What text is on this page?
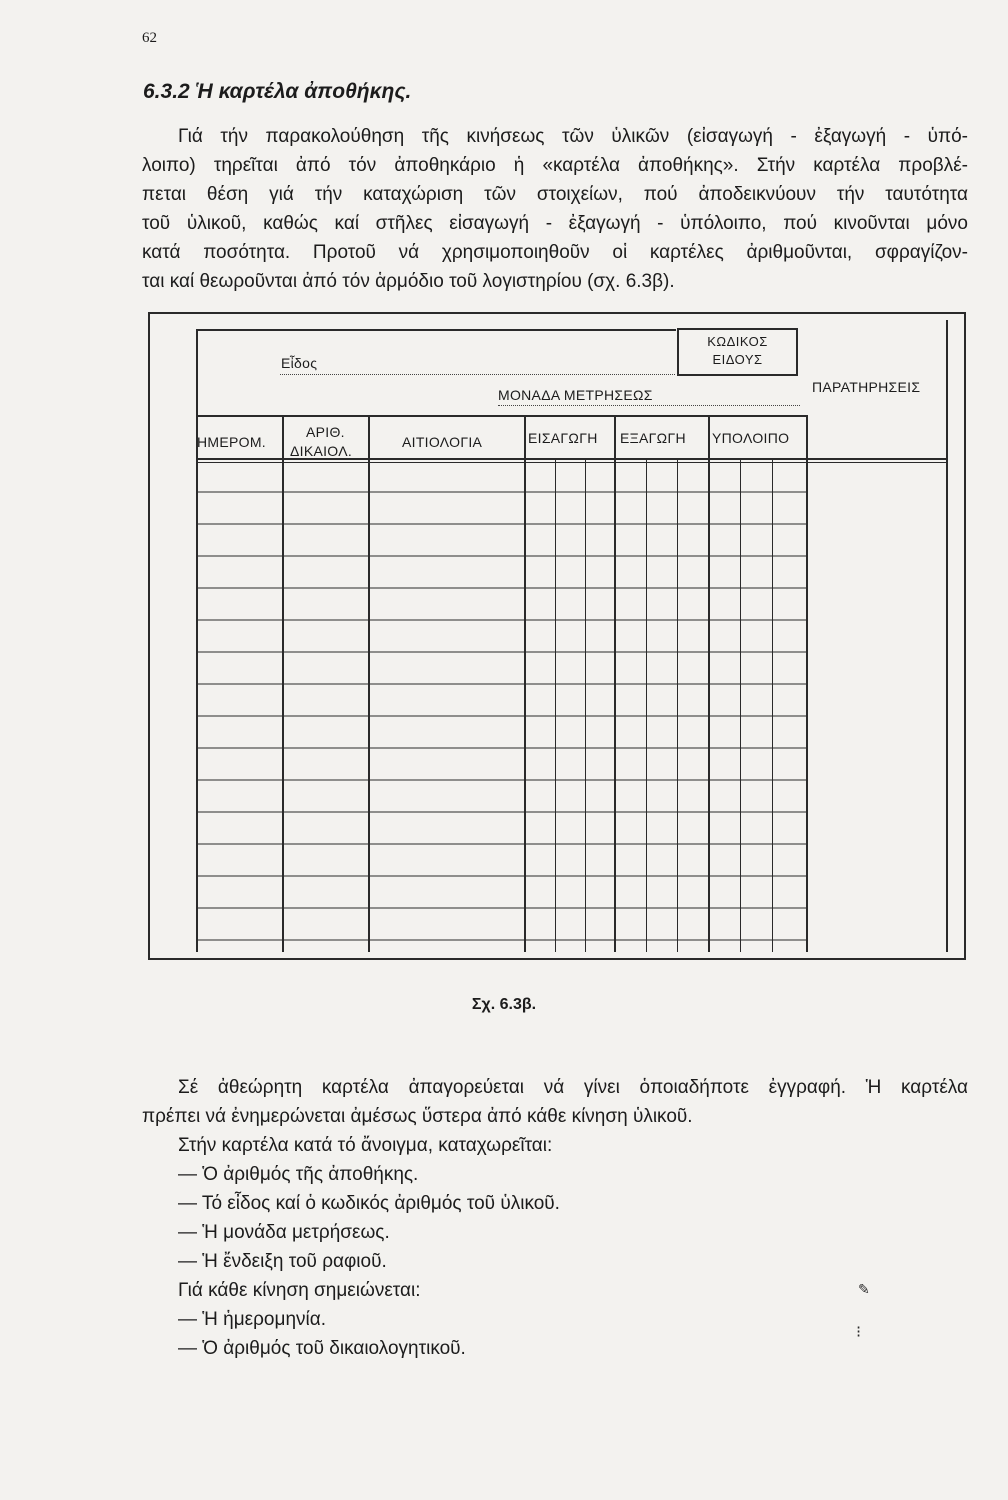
62
6.3.2 Ἡ καρτέλα ἀποθήκης.
Γιά τήν παρακολούθηση τῆς κινήσεως τῶν ὑλικῶν (εἰσαγωγή - ἐξαγωγή - ὑπό-
λοιπο) τηρεῖται ἀπό τόν ἀποθηκάριο ἡ «καρτέλα ἀποθήκης». Στήν καρτέλα προβλέ-
πεται θέση γιά τήν καταχώριση τῶν στοιχείων, πού ἀποδεικνύουν τήν ταυτότητα
τοῦ ὑλικοῦ, καθώς καί στῆλες εἰσαγωγή - ἐξαγωγή - ὑπόλοιπο, πού κινοῦνται μόνο
κατά ποσότητα. Προτοῦ νά χρησιμοποιηθοῦν οἱ καρτέλες ἀριθμοῦνται, σφραγίζον-
ται καί θεωροῦνται ἀπό τόν ἁρμόδιο τοῦ λογιστηρίου (σχ. 6.3β).
Εἶδος
ΚΩΔΙΚΟΣ
ΕΙΔΟΥΣ
ΜΟΝΑΔΑ ΜΕΤΡΗΣΕΩΣ	ΠΑΡΑΤΗΡΗΣΕΙΣ
ΗΜΕΡΟΜ.
ΑΡΙΘ.
ΔΙΚΑΙΟΛ.
ΑΙΤΙΟΛΟΓΙΑ	ΕΙΣΑΓΩΓΗ ΕΞΑΓΩΓΗ ΥΠΟΛΟΙΠΟ
Σχ. 6.3β.
Σέ ἀθεώρητη καρτέλα ἀπαγορεύεται νά γίνει ὁποιαδήποτε ἐγγραφή. Ἡ καρτέλα
πρέπει νά ἐνημερώνεται ἀμέσως ὕστερα ἀπό κάθε κίνηση ὑλικοῦ.
Στήν καρτέλα κατά τό ἄνοιγμα, καταχωρεῖται:
— Ὁ ἀριθμός τῆς ἀποθήκης.
— Τό εἶδος καί ὁ κωδικός ἀριθμός τοῦ ὑλικοῦ.
— Ἡ μονάδα μετρήσεως.
— Ἡ ἔνδειξη τοῦ ραφιοῦ.
Γιά κάθε κίνηση σημειώνεται:
— Ἡ ἡμερομηνία.
— Ὁ ἀριθμός τοῦ δικαιολογητικοῦ.
✎
⁝
